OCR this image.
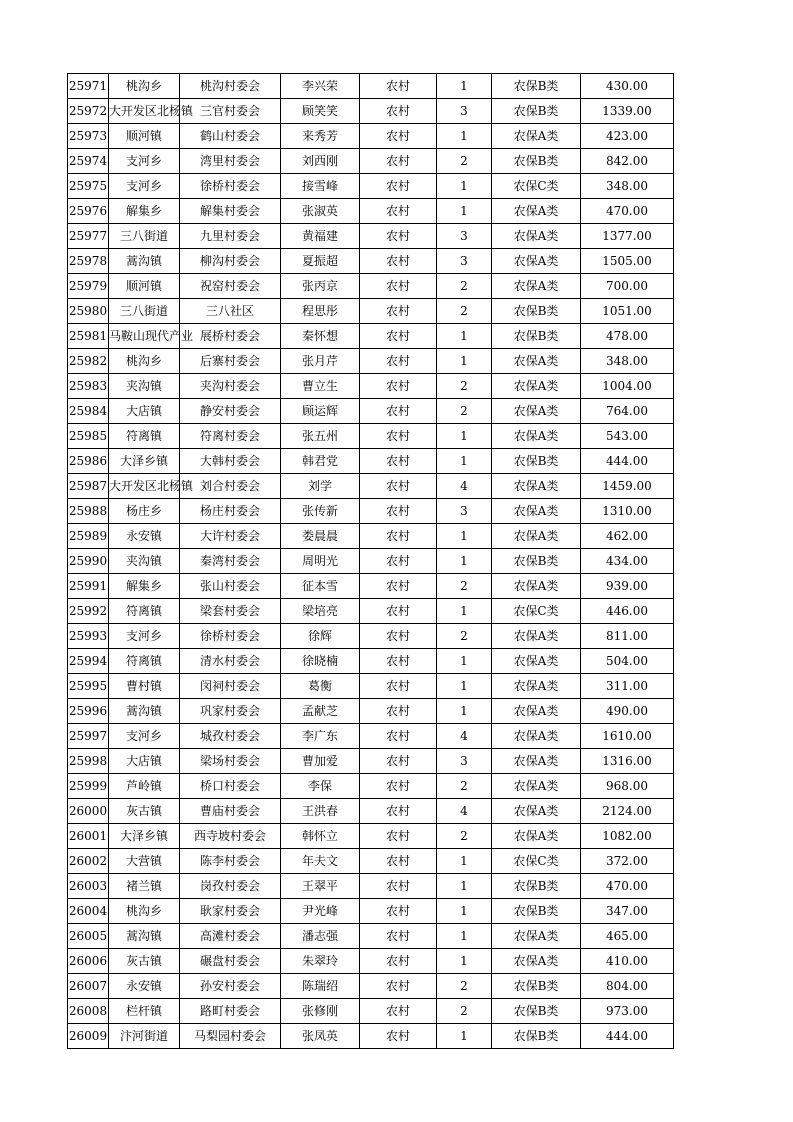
25971	桃沟乡	桃沟村委会	李兴荣	农村	1	农保B类	430.00
25972	大开发区北杨镇	三官村委会	顾笑笑	农村	3	农保B类	1339.00
25973	顺河镇	鹤山村委会	来秀芳	农村	1	农保A类	423.00
25974	支河乡	湾里村委会	刘西刚	农村	2	农保B类	842.00
25975	支河乡	徐桥村委会	接雪峰	农村	1	农保C类	348.00
25976	解集乡	解集村委会	张淑英	农村	1	农保A类	470.00
25977	三八街道	九里村委会	黄福建	农村	3	农保A类	1377.00
25978	蒿沟镇	柳沟村委会	夏振超	农村	3	农保A类	1505.00
25979	顺河镇	祝窑村委会	张丙京	农村	2	农保A类	700.00
25980	三八街道	三八社区	程思彤	农村	2	农保B类	1051.00
25981	马鞍山现代产业	展桥村委会	秦怀想	农村	1	农保B类	478.00
25982	桃沟乡	后寨村委会	张月芹	农村	1	农保A类	348.00
25983	夹沟镇	夹沟村委会	曹立生	农村	2	农保A类	1004.00
25984	大店镇	静安村委会	顾运辉	农村	2	农保A类	764.00
25985	符离镇	符离村委会	张五州	农村	1	农保A类	543.00
25986	大泽乡镇	大韩村委会	韩君党	农村	1	农保B类	444.00
25987	大开发区北杨镇	刘合村委会	刘学	农村	4	农保A类	1459.00
25988	杨庄乡	杨庄村委会	张传新	农村	3	农保A类	1310.00
25989	永安镇	大许村委会	娄晨晨	农村	1	农保A类	462.00
25990	夹沟镇	秦湾村委会	周明光	农村	1	农保B类	434.00
25991	解集乡	张山村委会	征本雪	农村	2	农保A类	939.00
25992	符离镇	梁套村委会	梁培亮	农村	1	农保C类	446.00
25993	支河乡	徐桥村委会	徐辉	农村	2	农保A类	811.00
25994	符离镇	清水村委会	徐晓楠	农村	1	农保A类	504.00
25995	曹村镇	闵祠村委会	葛衡	农村	1	农保A类	311.00
25996	蒿沟镇	巩家村委会	孟献芝	农村	1	农保A类	490.00
25997	支河乡	城孜村委会	李广东	农村	4	农保A类	1610.00
25998	大店镇	梁场村委会	曹加爱	农村	3	农保A类	1316.00
25999	芦岭镇	桥口村委会	李保	农村	2	农保A类	968.00
26000	灰古镇	曹庙村委会	王洪春	农村	4	农保A类	2124.00
26001	大泽乡镇	西寺坡村委会	韩怀立	农村	2	农保A类	1082.00
26002	大营镇	陈李村委会	年夫文	农村	1	农保C类	372.00
26003	褚兰镇	岗孜村委会	王翠平	农村	1	农保B类	470.00
26004	桃沟乡	耿家村委会	尹光峰	农村	1	农保B类	347.00
26005	蒿沟镇	高滩村委会	潘志强	农村	1	农保A类	465.00
26006	灰古镇	碾盘村委会	朱翠玲	农村	1	农保A类	410.00
26007	永安镇	孙安村委会	陈瑞绍	农村	2	农保B类	804.00
26008	栏杆镇	路町村委会	张修刚	农村	2	农保B类	973.00
26009	汴河街道	马梨园村委会	张凤英	农村	1	农保B类	444.00
